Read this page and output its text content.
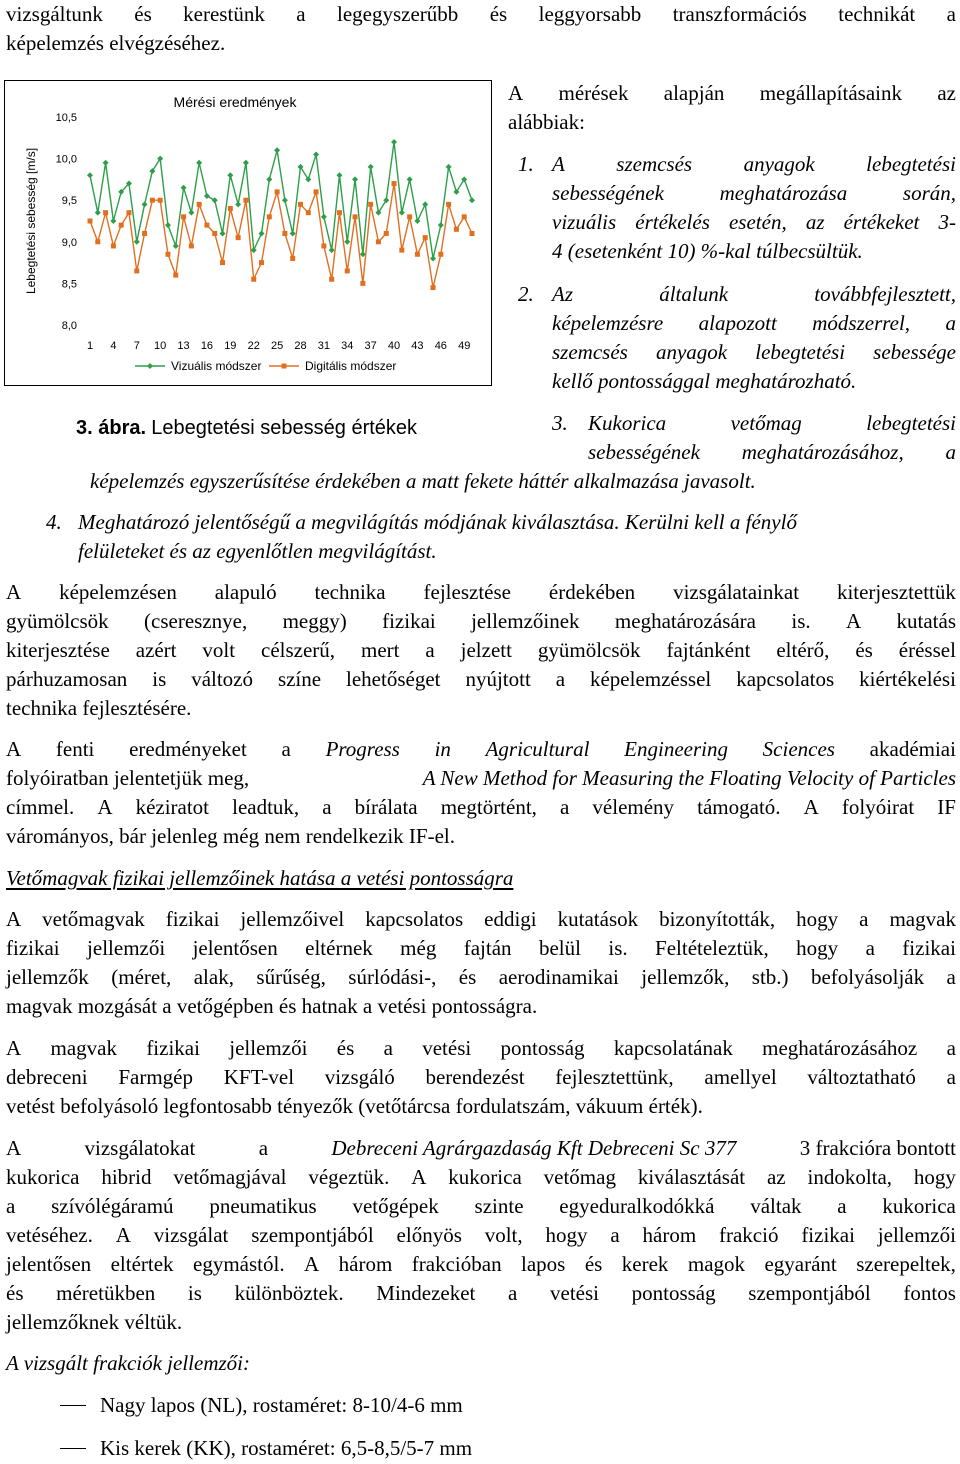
vizsgáltunk és kerestünk a legegyszerűbb és leggyorsabb transzformációs technikát a
képelemzés elvégzéséhez.
Mérési eredmények
Lebegtetési sebesség [m/s]
8,0
8,5
9,0
9,5
10,0
10,5
1 4 7 10 13 16 19 22 25 28 31 34 37 40 43 46 49
Vizuális módszer	Digitális módszer
3. ábra. Lebegtetési sebesség értékek
A mérések alapján megállapításaink az
alábbiak:
1. A szemcsés anyagok lebegtetési
sebességének	meghatározása	során,
vizuális értékelés esetén, az értékeket 3-
4 (esetenként 10) %-kal túlbecsültük.
2. Az	általunk	továbbfejlesztett,
képelemzésre alapozott módszerrel, a
szemcsés anyagok lebegtetési sebessége
kellő pontossággal meghatározható.
3. Kukorica	vetőmag	lebegtetési
sebességének meghatározásához, a
képelemzés egyszerűsítése érdekében a matt fekete háttér alkalmazása javasolt.
4. Meghatározó jelentőségű a megvilágítás módjának kiválasztása. Kerülni kell a fénylő
felületeket és az egyenlőtlen megvilágítást.
A képelemzésen alapuló technika fejlesztése érdekében vizsgálatainkat kiterjesztettük
gyümölcsök (cseresznye, meggy) fizikai jellemzőinek meghatározására is. A kutatás
kiterjesztése azért volt célszerű, mert a jelzett gyümölcsök fajtánként eltérő, és éréssel
párhuzamosan is változó színe lehetőséget nyújtott a képelemzéssel kapcsolatos kiértékelési
technika fejlesztésére.
A fenti eredményeket a Progress in Agricultural Engineering Sciences akadémiai
folyóiratban jelentetjük meg,	A New Method for Measuring the Floating Velocity of Particles
címmel. A kéziratot leadtuk, a bírálata megtörtént, a vélemény támogató. A folyóirat IF
várományos, bár jelenleg még nem rendelkezik IF-el.
Vetőmagvak fizikai jellemzőinek hatása a vetési pontosságra
A vetőmagvak fizikai jellemzőivel kapcsolatos eddigi kutatások bizonyították, hogy a magvak
fizikai jellemzői jelentősen eltérnek még fajtán belül is. Feltételeztük, hogy a fizikai
jellemzők (méret, alak, sűrűség, súrlódási-, és aerodinamikai jellemzők, stb.) befolyásolják a
magvak mozgását a vetőgépben és hatnak a vetési pontosságra.
A magvak fizikai jellemzői és a vetési pontosság kapcsolatának meghatározásához a
debreceni Farmgép KFT-vel vizsgáló berendezést fejlesztettünk, amellyel változtatható a
vetést befolyásoló legfontosabb tényezők (vetőtárcsa fordulatszám, vákuum érték).
A	vizsgálatokat	a	Debreceni Agrárgazdaság Kft Debreceni Sc 377	3 frakcióra bontott
kukorica hibrid vetőmagjával végeztük. A kukorica vetőmag kiválasztását az indokolta, hogy
a szívólégáramú pneumatikus vetőgépek szinte egyeduralkodókká váltak a kukorica
vetéséhez. A vizsgálat szempontjából előnyös volt, hogy a három frakció fizikai jellemzői
jelentősen eltértek egymástól. A három frakcióban lapos és kerek magok egyaránt szerepeltek,
és méretükben is különböztek. Mindezeket a vetési pontosság szempontjából fontos
jellemzőknek véltük.
A vizsgált frakciók jellemzői:
Nagy lapos (NL), rostaméret: 8-10/4-6 mm
Kis kerek (KK), rostaméret: 6,5-8,5/5-7 mm
